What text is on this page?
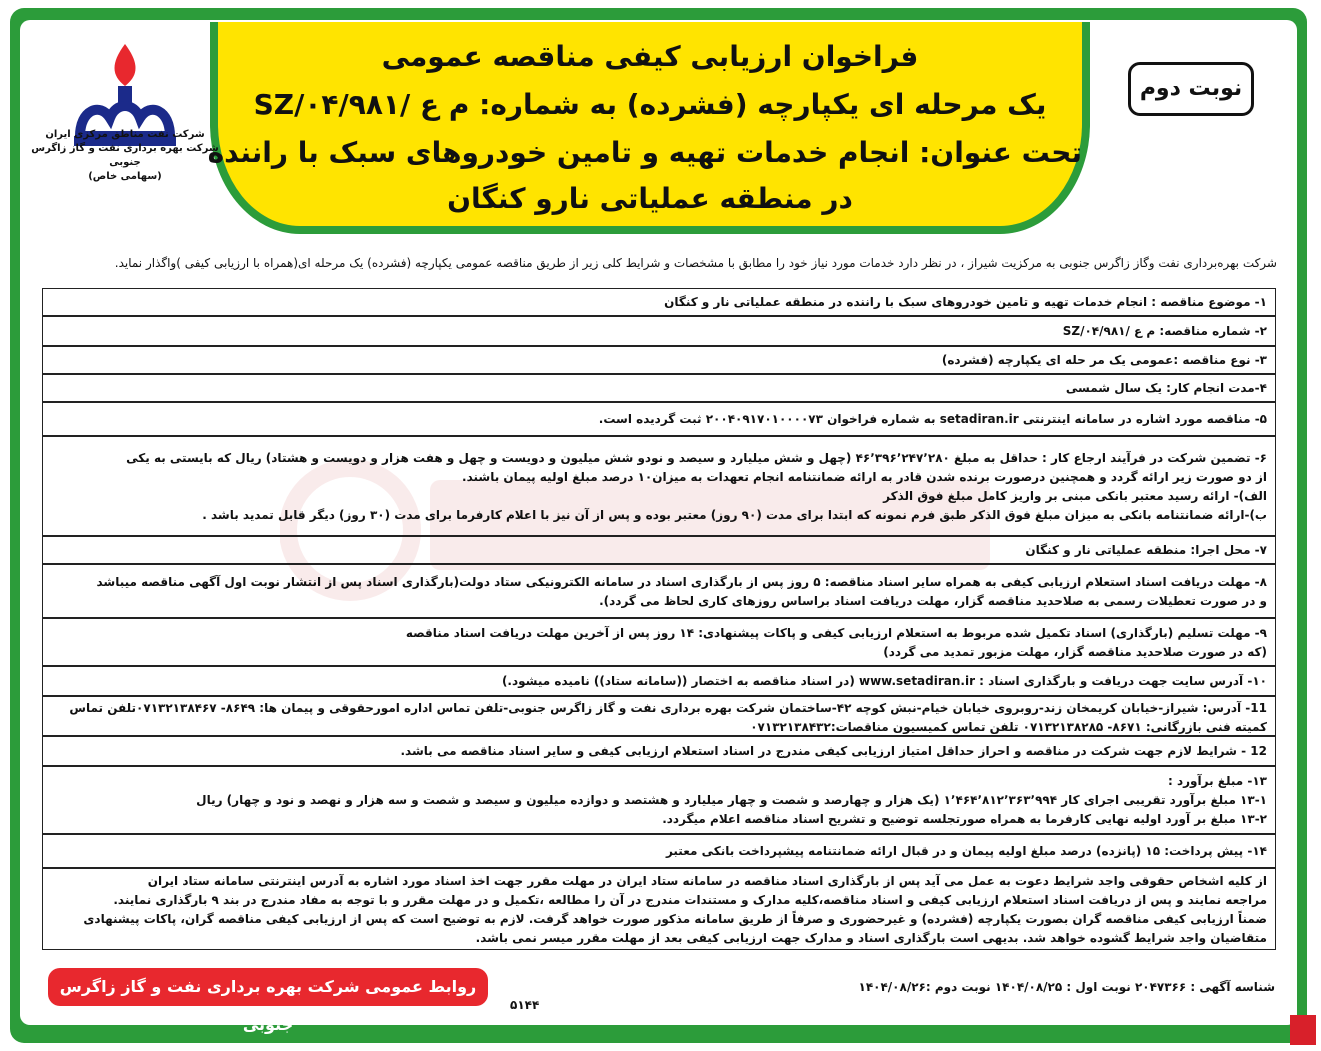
فراخوان ارزیابی کیفی مناقصه عمومی
یک مرحله ای یکپارچه (فشرده) به شماره: م ع /۰۴/۹۸۱/SZ
تحت عنوان: انجام خدمات تهیه و تامین خودروهای سبک با راننده
در منطقه عملیاتی نارو کنگان
نوبت دوم
شرکت نفت مناطق مرکزی ایران
شرکت بهره برداری نفت و گاز زاگرس جنوبی
(سهامی خاص)
شرکت بهره‌برداری نفت وگاز زاگرس جنوبی به مرکزیت شیراز ، در نظر دارد خدمات مورد نیاز خود را مطابق با مشخصات و شرایط کلی زیر از طریق مناقصه عمومی یکپارچه (فشرده) یک مرحله ای(همراه با ارزیابی کیفی )واگذار نماید.

۱- موضوع مناقصه : انجام خدمات تهیه و تامین خودروهای سبک با راننده در منطقه عملیاتی نار و کنگان

۲- شماره مناقصه: م ع /۰۴/۹۸۱/SZ

۳- نوع مناقصه :عمومی یک مر حله ای یکپارچه (فشرده)

۴-مدت انجام کار: یک سال شمسی

۵- مناقصه مورد اشاره در سامانه اینترنتی setadiran.ir به شماره فراخوان ۲۰۰۴۰۹۱۷۰۱۰۰۰۰۷۳ ثبت گردیده است.

۶- تضمین شرکت در فرآیند ارجاع کار : حداقل به مبلغ ۴۶٬۳۹۶٬۲۴۷٬۲۸۰ (چهل و شش میلیارد و سیصد و نودو شش میلیون و دویست و چهل و هفت هزار و دویست و هشتاد) ریال که بایستی به یکی

از دو صورت زیر ارائه گردد و همچنین درصورت برنده شدن قادر به ارائه ضمانتنامه انجام تعهدات به میزان۱۰ درصد مبلغ اولیه پیمان باشند.

الف)- ارائه رسید معتبر بانکی مبنی بر واریز کامل مبلغ فوق الذکر

ب)-ارائه ضمانتنامه بانکی به میزان مبلغ فوق الذکر طبق فرم نمونه که ابتدا برای مدت (۹۰ روز) معتبر بوده و پس از آن نیز با اعلام کارفرما برای مدت (۳۰ روز) دیگر قابل تمدید باشد .

۷- محل اجرا: منطقه عملیاتی نار و کنگان

۸- مهلت دریافت اسناد استعلام ارزیابی کیفی به همراه سایر اسناد مناقصه: ۵ روز پس از بارگذاری اسناد در سامانه الکترونیکی ستاد دولت(بارگذاری اسناد پس از انتشار نوبت اول آگهی مناقصه میباشد

و در صورت تعطیلات رسمی به صلاحدید مناقصه گزار، مهلت دریافت اسناد براساس روزهای کاری لحاظ می گردد).

۹- مهلت تسلیم (بارگذاری) اسناد تکمیل شده مربوط به استعلام ارزیابی کیفی و پاکات پیشنهادی: ۱۴ روز پس از آخرین مهلت دریافت اسناد مناقصه

(که در صورت صلاحدید مناقصه گزار، مهلت مزبور تمدید می گردد)

۱۰- آدرس سایت جهت دریافت و بارگذاری اسناد : www.setadiran.ir (در اسناد مناقصه به اختصار ((سامانه ستاد)) نامیده میشود.)

11- آدرس: شیراز-خیابان کریمخان زند-روبروی خیابان خیام-نبش کوچه ۴۲-ساختمان شرکت بهره برداری نفت و گاز زاگرس جنوبی-تلفن تماس اداره امورحقوقی و پیمان ها: ۸۶۴۹- ۰۷۱۳۲۱۳۸۴۶۷تلفن تماس

کمیته فنی بازرگانی: ۸۶۷۱- ۰۷۱۳۲۱۳۸۲۸۵ تلفن تماس کمیسیون مناقصات:۰۷۱۳۲۱۳۸۴۳۲

12 - شرایط لازم جهت شرکت در مناقصه و احراز حداقل امتیاز ارزیابی کیفی مندرج در اسناد استعلام ارزیابی کیفی و سایر اسناد مناقصه می باشد.

۱۳- مبلغ برآورد :

۱۳-۱ مبلغ برآورد تقریبی اجرای کار ۱٬۴۶۴٬۸۱۲٬۳۶۳٬۹۹۴ (یک هزار و چهارصد و شصت و چهار میلیارد و هشتصد و دوازده میلیون و سیصد و شصت و سه هزار و نهصد و نود و چهار) ریال

۱۳-۲ مبلغ بر آورد اولیه نهایی کارفرما به همراه صورتجلسه توضیح و تشریح اسناد مناقصه اعلام میگردد.

۱۴- پیش پرداخت: ۱۵ (پانزده) درصد مبلغ اولیه پیمان و در قبال ارائه ضمانتنامه پیشپرداخت بانکی معتبر

از کلیه اشخاص حقوقی واجد شرایط دعوت به عمل می آید پس از بارگذاری اسناد مناقصه در سامانه ستاد ایران در مهلت مقرر جهت اخذ اسناد مورد اشاره به آدرس اینترنتی سامانه ستاد ایران

مراجعه نمایند و پس از دریافت اسناد استعلام ارزیابی کیفی و اسناد مناقصه،کلیه مدارک و مستندات مندرج در آن را مطالعه ،تکمیل و در مهلت مقرر و با توجه به مفاد مندرج در بند ۹ بارگذاری نمایند.

ضمناً ارزیابی کیفی مناقصه گران بصورت یکپارچه (فشرده) و غیرحضوری و صرفاً از طریق سامانه مذکور صورت خواهد گرفت. لازم به توضیح است که پس از ارزیابی کیفی مناقصه گران، پاکات پیشنهادی

متقاضیان واجد شرایط گشوده خواهد شد. بدیهی است بارگذاری اسناد و مدارک جهت ارزیابی کیفی بعد از مهلت مقرر میسر نمی باشد.

روابط عمومی شرکت بهره برداری نفت و گاز زاگرس جنوبی
شناسه آگهی : ۲۰۴۷۳۶۶ نوبت اول : ۱۴۰۴/۰۸/۲۵ نوبت دوم :۱۴۰۴/۰۸/۲۶
۵۱۴۴
